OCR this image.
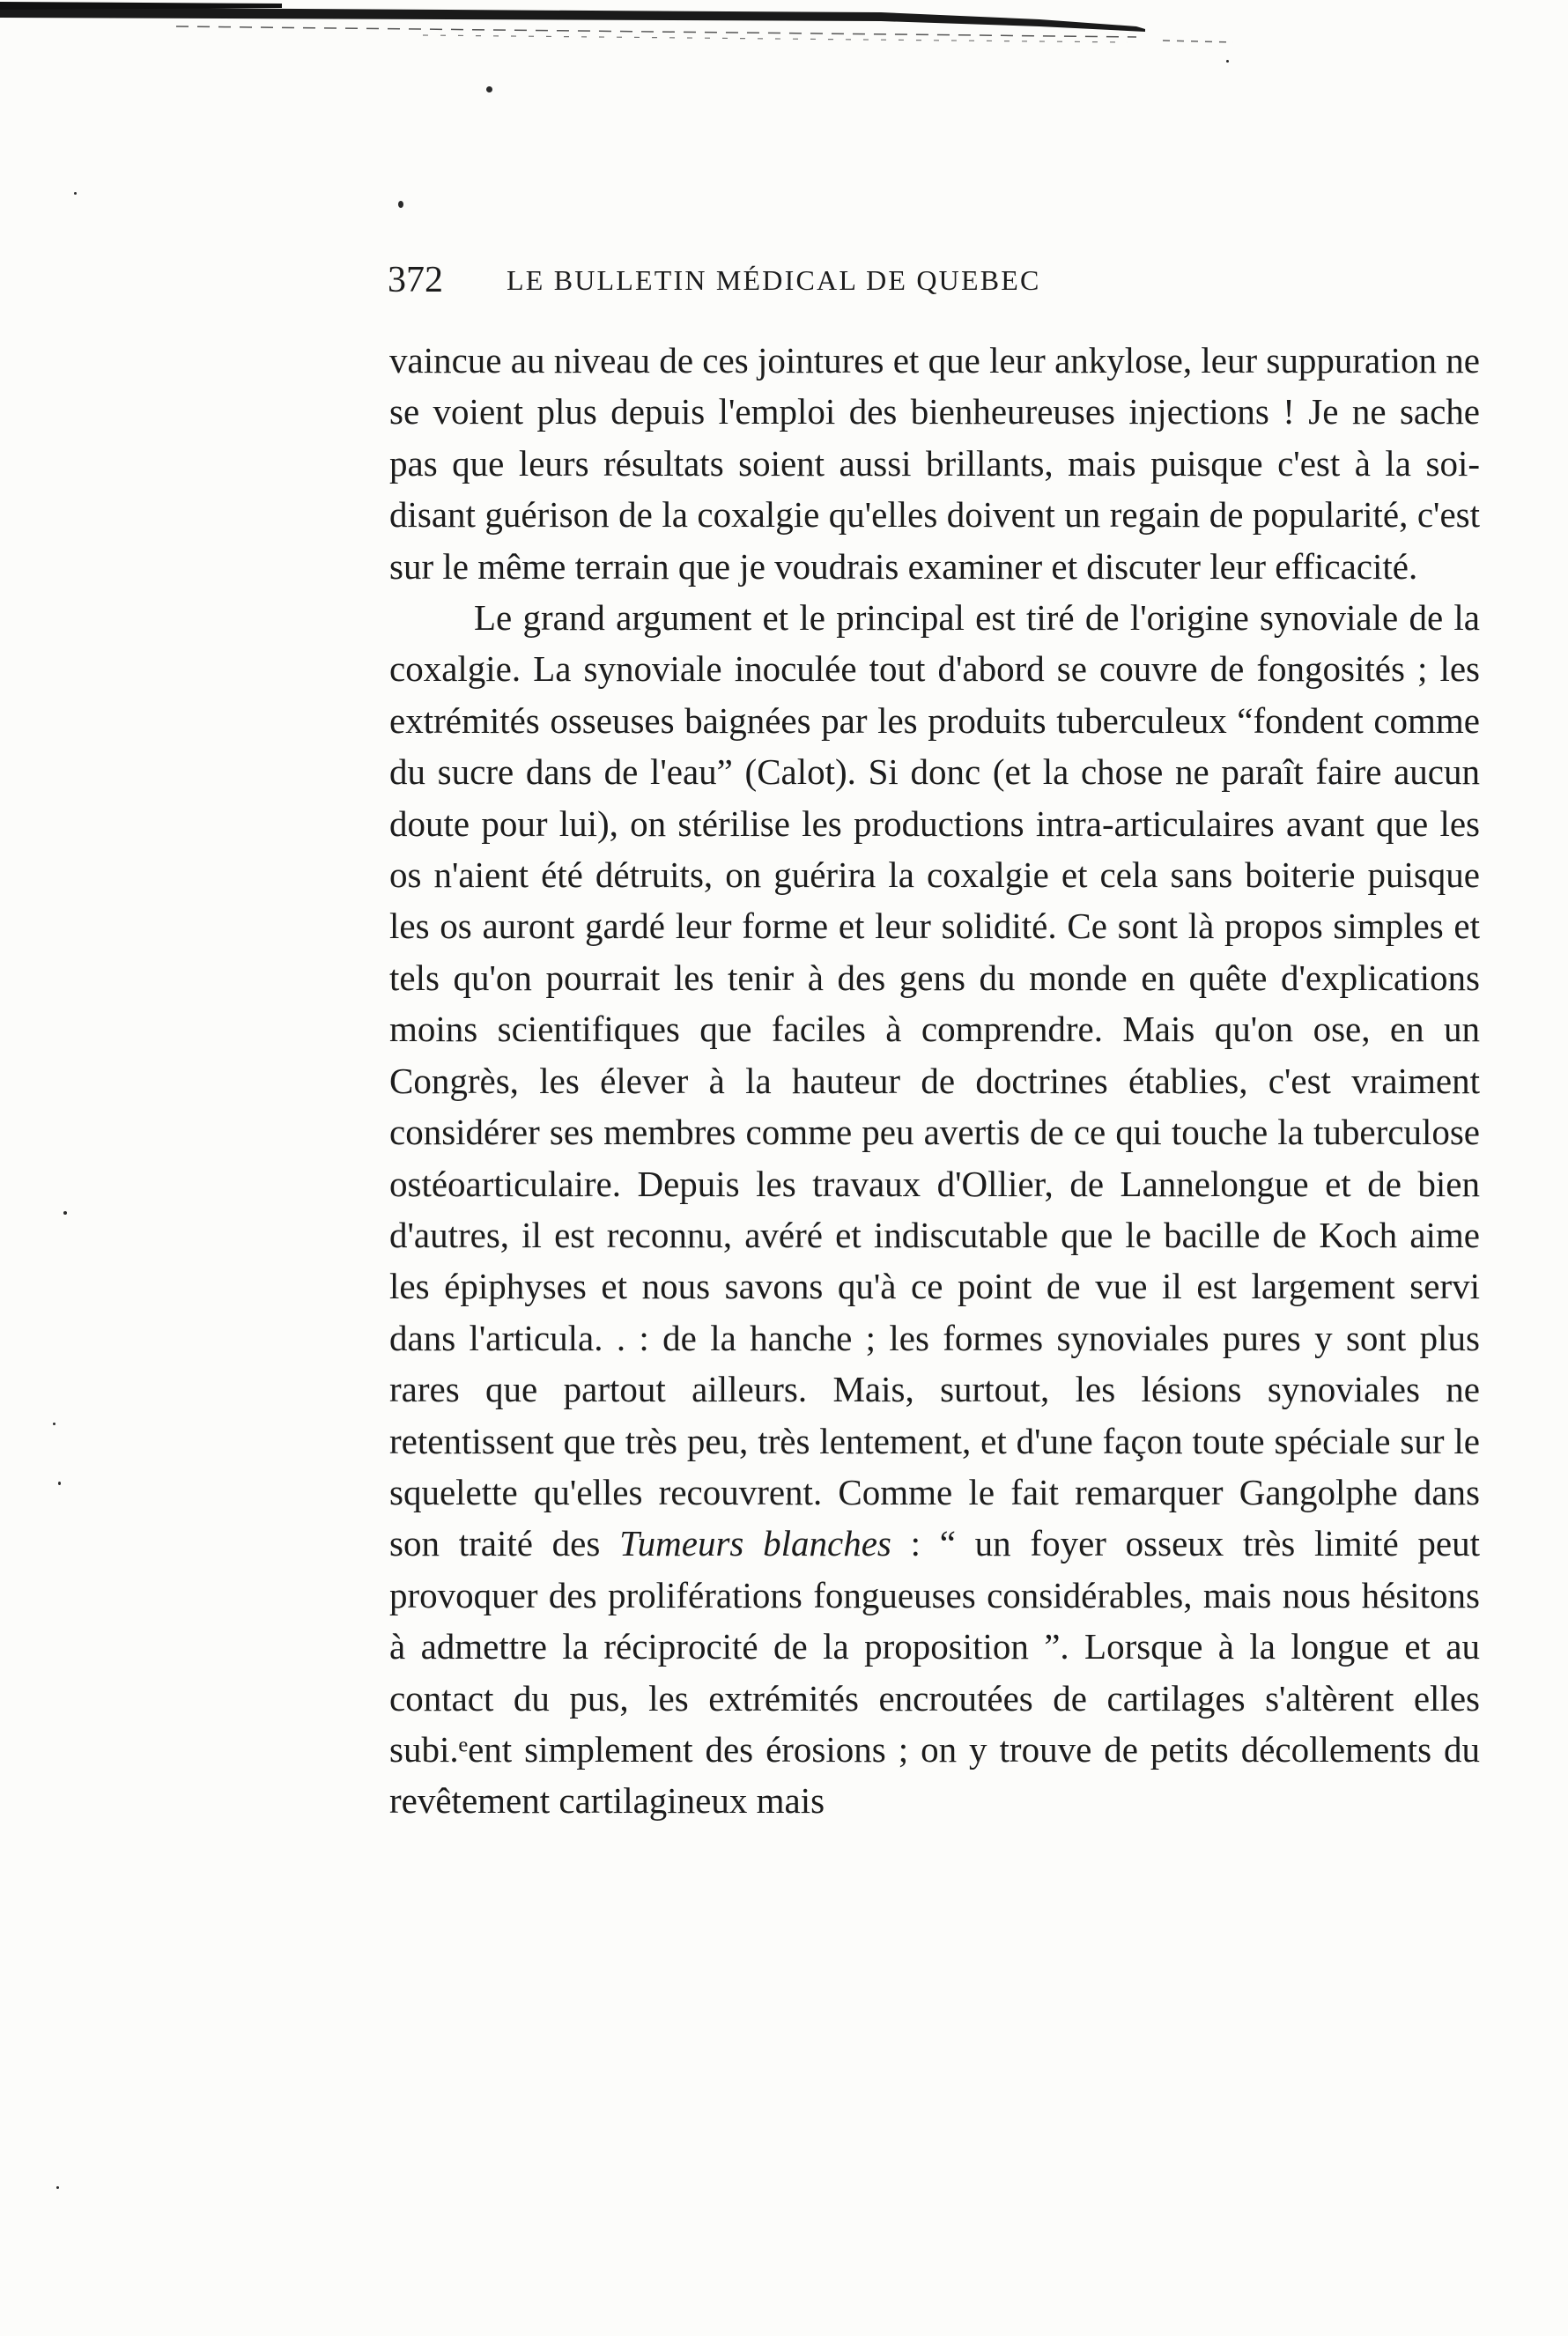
372 LE BULLETIN MÉDICAL DE QUEBEC

vaincue au niveau de ces jointures et que leur ankylose, leur suppuration ne se voient plus depuis l'emploi des bienheureuses injections ! Je ne sache pas que leurs résultats soient aussi brillants, mais puisque c'est à la soi-disant guérison de la coxalgie qu'elles doivent un regain de popularité, c'est sur le même terrain que je voudrais examiner et discuter leur efficacité.

Le grand argument et le principal est tiré de l'origine synoviale de la coxalgie. La synoviale inoculée tout d'abord se couvre de fongosités ; les extrémités osseuses baignées par les produits tuberculeux “fondent comme du sucre dans de l'eau” (Calot). Si donc (et la chose ne paraît faire aucun doute pour lui), on stérilise les productions intra-articulaires avant que les os n'aient été détruits, on guérira la coxalgie et cela sans boiterie puisque les os auront gardé leur forme et leur solidité. Ce sont là propos simples et tels qu'on pourrait les tenir à des gens du monde en quête d'explications moins scientifiques que faciles à comprendre. Mais qu'on ose, en un Congrès, les élever à la hauteur de doctrines établies, c'est vraiment considérer ses membres comme peu avertis de ce qui touche la tuberculose ostéoarticulaire. Depuis les travaux d'Ollier, de Lannelongue et de bien d'autres, il est reconnu, avéré et indiscutable que le bacille de Koch aime les épiphyses et nous savons qu'à ce point de vue il est largement servi dans l'articula. . : de la hanche ; les formes synoviales pures y sont plus rares que partout ailleurs. Mais, surtout, les lésions synoviales ne retentissent que très peu, très lentement, et d'une façon toute spéciale sur le squelette qu'elles recouvrent. Comme le fait remarquer Gangolphe dans son traité des Tumeurs blanches : “ un foyer osseux très limité peut provoquer des proliférations fongueuses considérables, mais nous hésitons à admettre la réciprocité de la proposition ”. Lorsque à la longue et au contact du pus, les extrémités encroutées de cartilages s'altèrent elles subi.ᵉent simplement des érosions ; on y trouve de petits décollements du revêtement cartilagineux mais
